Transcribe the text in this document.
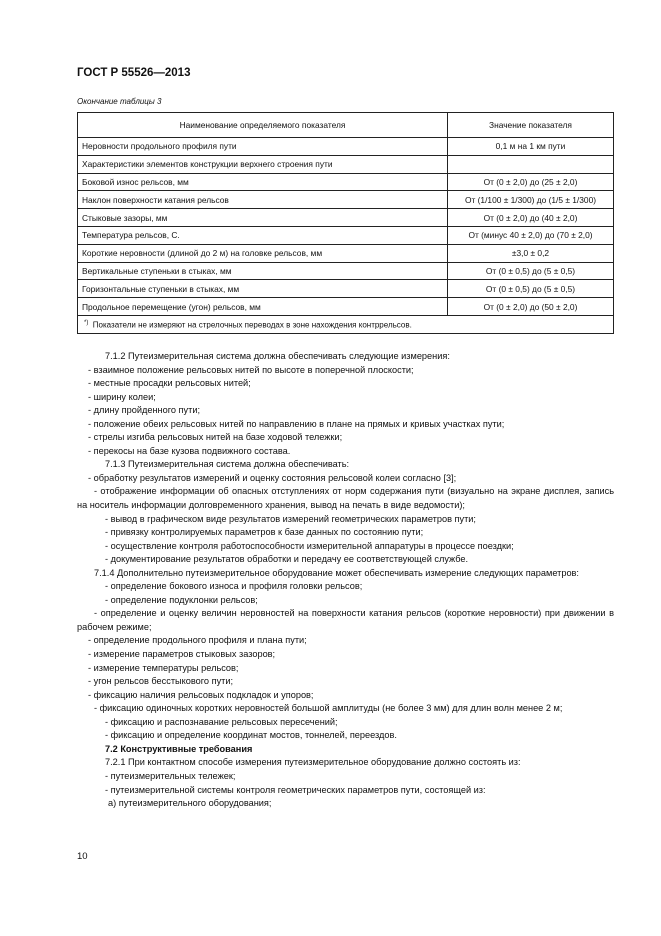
ГОСТ Р 55526—2013
Окончание таблицы 3
Наименование определяемого показателя	Значение показателя
Неровности продольного профиля пути	0,1 м на 1 км пути
Характеристики элементов конструкции верхнего строения пути	
Боковой износ рельсов, мм	От (0 ± 2,0) до (25 ± 2,0)
Наклон поверхности катания рельсов	От (1/100 ± 1/300) до (1/5 ± 1/300)
Стыковые зазоры, мм	От (0 ± 2,0) до (40 ± 2,0)
Температура рельсов, С.	От (минус 40 ± 2,0) до (70 ± 2,0)
Короткие неровности (длиной до 2 м) на головке рельсов, мм	±3,0 ± 0,2
Вертикальные ступеньки в стыках, мм	От (0 ± 0,5) до (5 ± 0,5)
Горизонтальные ступеньки в стыках, мм	От (0 ± 0,5) до (5 ± 0,5)
Продольное перемещение (угон) рельсов, мм	От (0 ± 2,0) до (50 ± 2,0)
*) Показатели не измеряют на стрелочных переводах в зоне нахождения контррельсов.	

7.1.2 Путеизмерительная система должна обеспечивать следующие измерения:

- взаимное положение рельсовых нитей по высоте в поперечной плоскости;

- местные просадки рельсовых нитей;

- ширину колеи;

- длину пройденного пути;

- положение обеих рельсовых нитей по направлению в плане на прямых и кривых участках пути;

- стрелы изгиба рельсовых нитей на базе ходовой тележки;

- перекосы на базе кузова подвижного состава.

7.1.3 Путеизмерительная система должна обеспечивать:

- обработку результатов измерений и оценку состояния рельсовой колеи согласно [3];

- отображение информации об опасных отступлениях от норм содержания пути (визуально на экране дисплея, запись на носитель информации долговременного хранения, вывод на печать в виде ведомости);

- вывод в графическом виде результатов измерений геометрических параметров пути;

- привязку контролируемых параметров к базе данных по состоянию пути;

- осуществление контроля работоспособности измерительной аппаратуры в процессе поездки;

- документирование результатов обработки и передачу ее соответствующей службе.

7.1.4 Дополнительно путеизмерительное оборудование может обеспечивать измерение следующих параметров:

- определение бокового износа и профиля головки рельсов;

- определение подуклонки рельсов;

- определение и оценку величин неровностей на поверхности катания рельсов (короткие неровности) при движении в рабочем режиме;

- определение продольного профиля и плана пути;

- измерение параметров стыковых зазоров;

- измерение температуры рельсов;

- угон рельсов бесстыкового пути;

- фиксацию наличия рельсовых подкладок и упоров;

- фиксацию одиночных коротких неровностей большой амплитуды (не более 3 мм) для длин волн менее 2 м;

- фиксацию и распознавание рельсовых пересечений;

- фиксацию и определение координат мостов, тоннелей, переездов.

7.2 Конструктивные требования

7.2.1 При контактном способе измерения путеизмерительное оборудование должно состоять из:

- путеизмерительных тележек;

- путеизмерительной системы контроля геометрических параметров пути, состоящей из:

а) путеизмерительного оборудования;

10
